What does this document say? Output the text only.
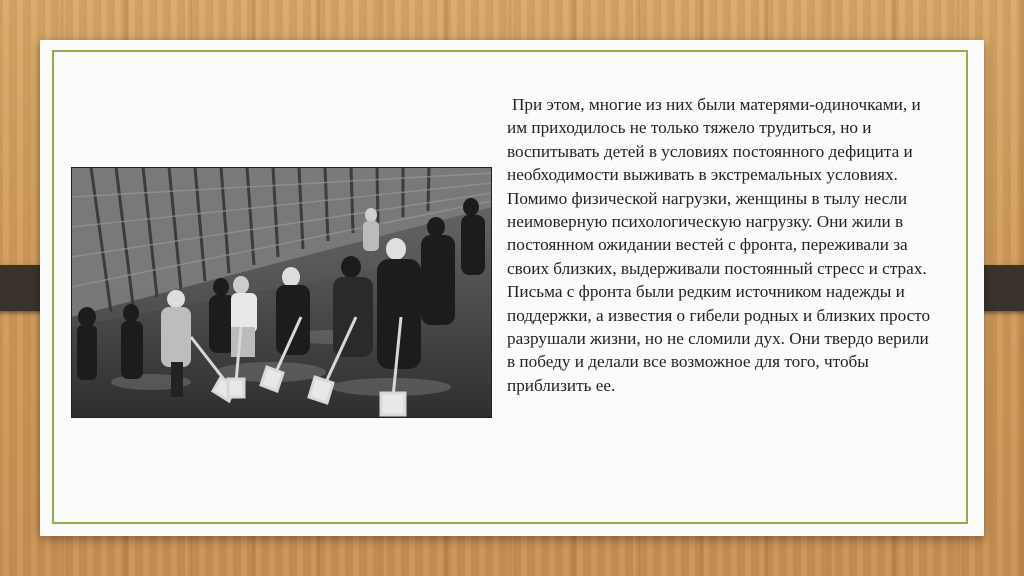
При этом, многие из них были матерями-одиночками, и им приходилось не только тяжело трудиться, но и воспитывать детей в условиях постоянного дефицита и необходимости выживать в экстремальных условиях. Помимо физической нагрузки, женщины в тылу несли неимоверную психологическую нагрузку. Они жили в постоянном ожидании вестей с фронта, переживали за своих близких, выдерживали постоянный стресс и страх. Письма с фронта были редким источником надежды и поддержки, а известия о гибели родных и близких просто разрушали жизни, но не сломили дух. Они твердо верили в победу и делали все возможное для того, чтобы приблизить ее.
